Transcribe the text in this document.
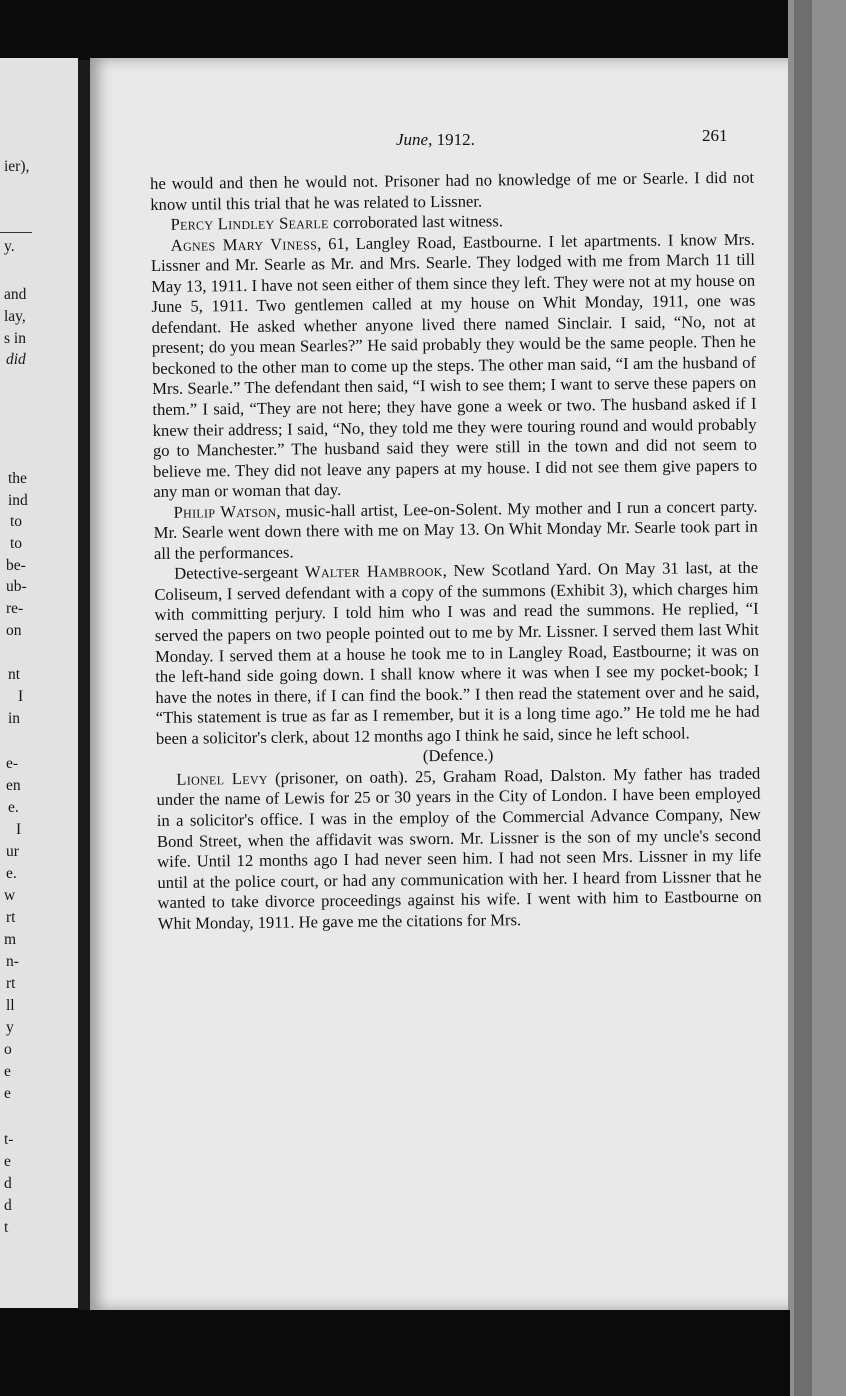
ier),
y.
and
lay,
s in
did
the
ind
to
to
be-
ub-
re-
on
nt
I
in
e-
en
e.
I
ur
e.
w
rt
m
n-
rt
ll
y
o
e
e
t-
e
d
d
t
June, 1912.	261

he would and then he would not. Prisoner had no knowledge of me or Searle. I did not know until this trial that he was related to Lissner.

Percy Lindley Searle corroborated last witness.

Agnes Mary Viness, 61, Langley Road, Eastbourne. I let apartments. I know Mrs. Lissner and Mr. Searle as Mr. and Mrs. Searle. They lodged with me from March 11 till May 13, 1911. I have not seen either of them since they left. They were not at my house on June 5, 1911. Two gentlemen called at my house on Whit Monday, 1911, one was defendant. He asked whether anyone lived there named Sinclair. I said, “No, not at present; do you mean Searles?” He said probably they would be the same people. Then he beckoned to the other man to come up the steps. The other man said, “I am the husband of Mrs. Searle.” The defendant then said, “I wish to see them; I want to serve these papers on them.” I said, “They are not here; they have gone a week or two. The husband asked if I knew their address; I said, “No, they told me they were touring round and would probably go to Manchester.” The husband said they were still in the town and did not seem to believe me. They did not leave any papers at my house. I did not see them give papers to any man or woman that day.

Philip Watson, music-hall artist, Lee-on-Solent. My mother and I run a concert party. Mr. Searle went down there with me on May 13. On Whit Monday Mr. Searle took part in all the performances.

Detective-sergeant Walter Hambrook, New Scotland Yard. On May 31 last, at the Coliseum, I served defendant with a copy of the summons (Exhibit 3), which charges him with committing perjury. I told him who I was and read the summons. He replied, “I served the papers on two people pointed out to me by Mr. Lissner. I served them last Whit Monday. I served them at a house he took me to in Langley Road, Eastbourne; it was on the left-hand side going down. I shall know where it was when I see my pocket-book; I have the notes in there, if I can find the book.” I then read the statement over and he said, “This statement is true as far as I remember, but it is a long time ago.” He told me he had been a solicitor's clerk, about 12 months ago I think he said, since he left school.

(Defence.)

Lionel Levy (prisoner, on oath). 25, Graham Road, Dalston. My father has traded under the name of Lewis for 25 or 30 years in the City of London. I have been employed in a solicitor's office. I was in the employ of the Commercial Advance Company, New Bond Street, when the affidavit was sworn. Mr. Lissner is the son of my uncle's second wife. Until 12 months ago I had never seen him. I had not seen Mrs. Lissner in my life until at the police court, or had any communication with her. I heard from Lissner that he wanted to take divorce proceedings against his wife. I went with him to Eastbourne on Whit Monday, 1911. He gave me the citations for Mrs.
